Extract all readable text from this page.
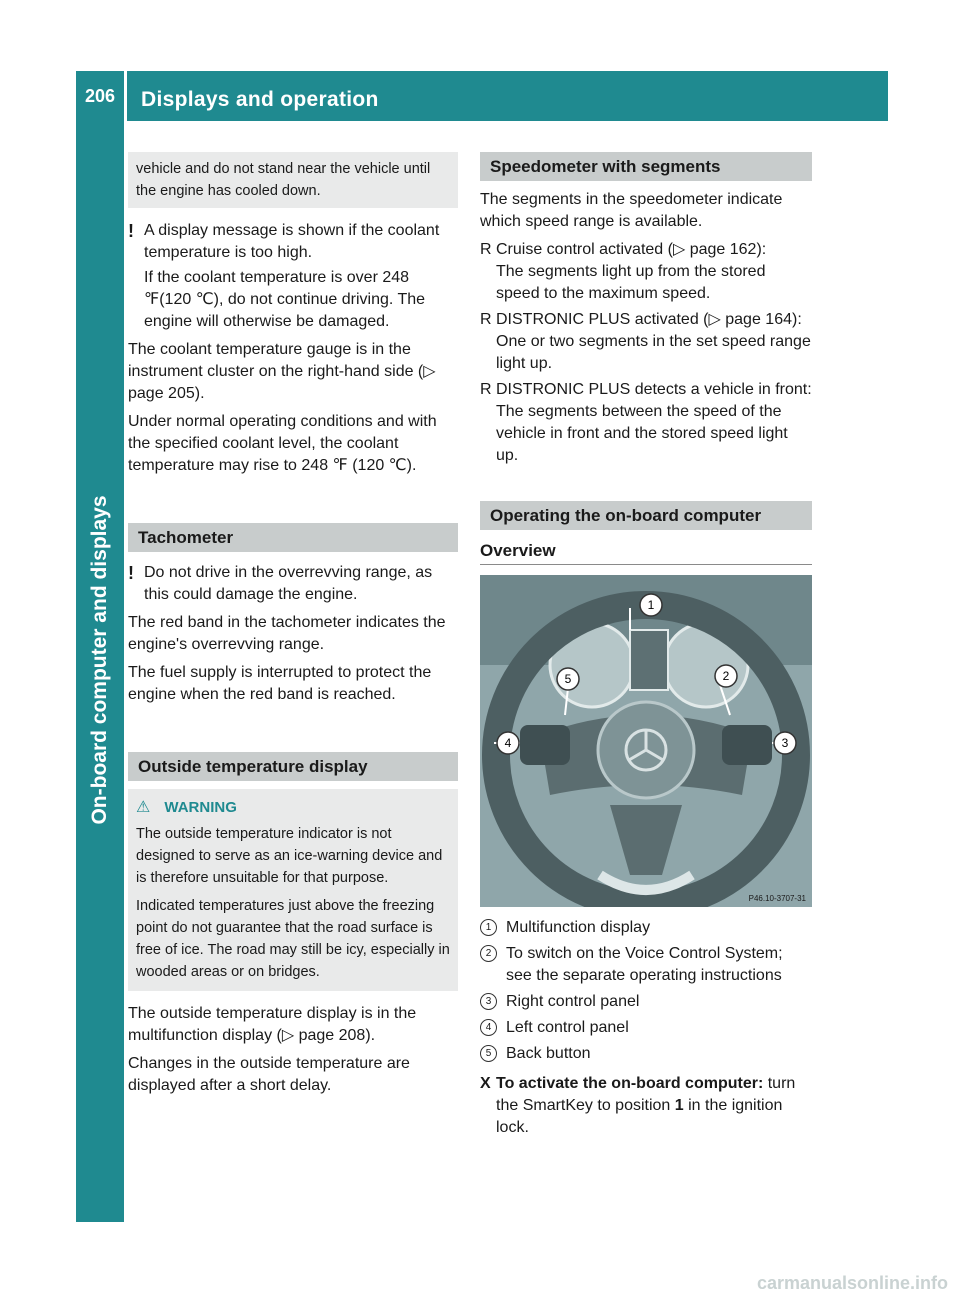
206	Displays and operation
On-board computer and displays
vehicle and do not stand near the vehicle until the engine has cooled down.
! A display message is shown if the coolant temperature is too high.
If the coolant temperature is over 248 ℉(120 ℃), do not continue driving. The engine will otherwise be damaged.

The coolant temperature gauge is in the instrument cluster on the right-hand side (▷ page 205).

Under normal operating conditions and with the specified coolant level, the coolant temperature may rise to 248 ℉ (120 ℃).

Tachometer
! Do not drive in the overrevving range, as this could damage the engine.

The red band in the tachometer indicates the engine's overrevving range.

The fuel supply is interrupted to protect the engine when the red band is reached.

Outside temperature display
⚠ WARNING
The outside temperature indicator is not designed to serve as an ice-warning device and is therefore unsuitable for that purpose.
Indicated temperatures just above the freezing point do not guarantee that the road surface is free of ice. The road may still be icy, especially in wooded areas or on bridges.

The outside temperature display is in the multifunction display (▷ page 208).

Changes in the outside temperature are displayed after a short delay.

Speedometer with segments

The segments in the speedometer indicate which speed range is available.

R Cruise control activated (▷ page 162):
The segments light up from the stored speed to the maximum speed.
R DISTRONIC PLUS activated (▷ page 164):
One or two segments in the set speed range light up.
R DISTRONIC PLUS detects a vehicle in front:
The segments between the speed of the vehicle in front and the stored speed light up.
Operating the on-board computer
Overview
1
2
3
4
5
P46.10-3707-31
1 Multifunction display
2 To switch on the Voice Control System; see the separate operating instructions
3 Right control panel
4 Left control panel
5 Back button
X To activate the on-board computer: turn the SmartKey to position 1 in the ignition lock.
carmanualsonline.info
